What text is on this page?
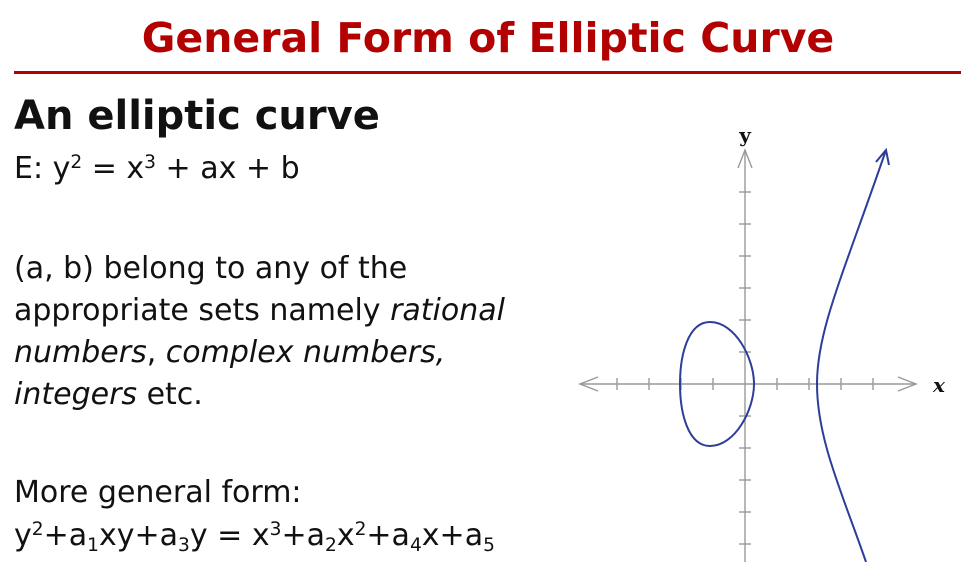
General Form of Elliptic Curve
An elliptic curve

E: $y^2 = x^3$ + ax + b

(a, b) belong to any of the

appropriate sets namely rational

numbers, complex numbers,

integers etc.

More general form:

$y^2+a_1xy+a_3y = x^3+a_2x^2+a_4x+a_5$

x
y
